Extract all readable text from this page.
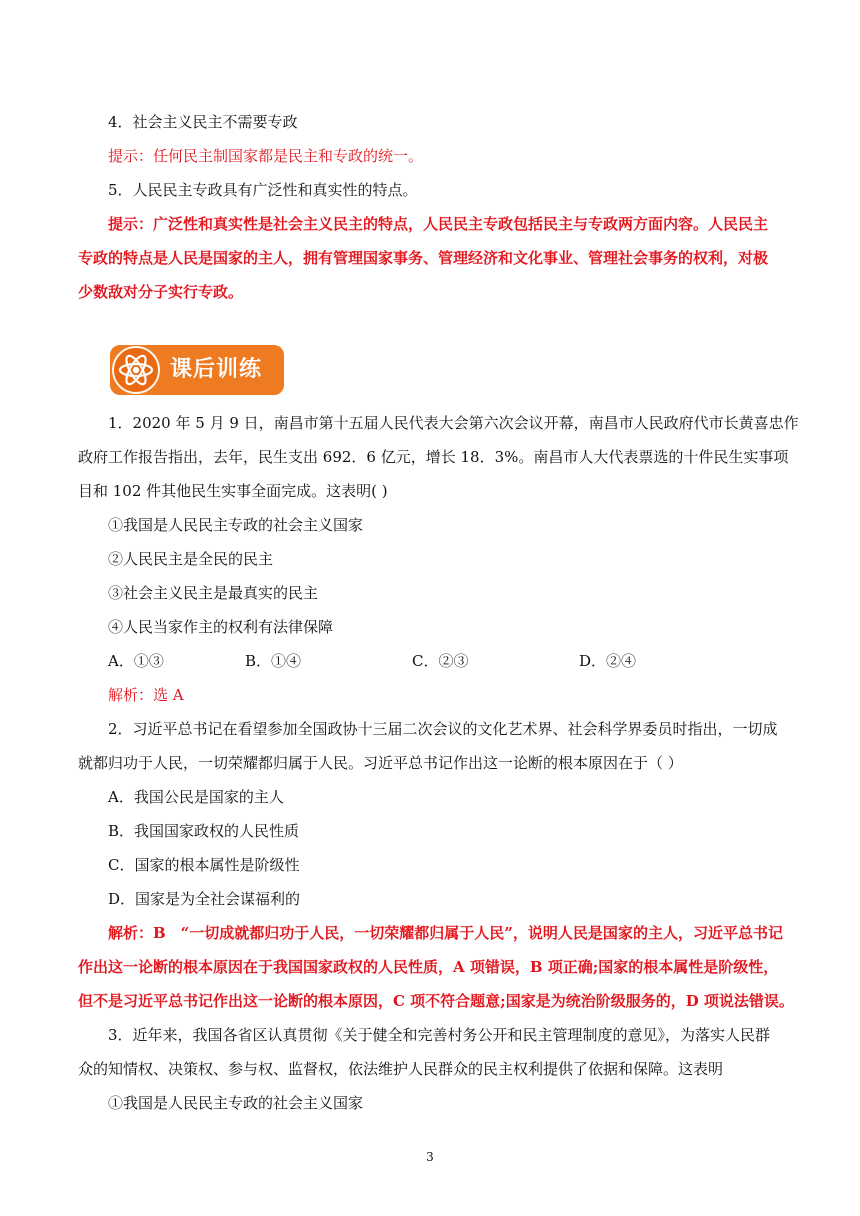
4．社会主义民主不需要专政
提示：任何民主制国家都是民主和专政的统一。
5．人民民主专政具有广泛性和真实性的特点。
提示：广泛性和真实性是社会主义民主的特点，人民民主专政包括民主与专政两方面内容。人民民主
专政的特点是人民是国家的主人，拥有管理国家事务、管理经济和文化事业、管理社会事务的权利，对极
少数敌对分子实行专政。
课后训练
1．2020 年 5 月 9 日，南昌市第十五届人民代表大会第六次会议开幕，南昌市人民政府代市长黄喜忠作
政府工作报告指出，去年，民生支出 692．6 亿元，增长 18．3%。南昌市人大代表票选的十件民生实事项
目和 102 件其他民生实事全面完成。这表明( )
①我国是人民民主专政的社会主义国家
②人民民主是全民的民主
③社会主义民主是最真实的民主
④人民当家作主的权利有法律保障
A．①③	B．①④	C．②③	D．②④
解析：选 A
2．习近平总书记在看望参加全国政协十三届二次会议的文化艺术界、社会科学界委员时指出，一切成
就都归功于人民，一切荣耀都归属于人民。习近平总书记作出这一论断的根本原因在于（ ）
A．我国公民是国家的主人
B．我国国家政权的人民性质
C．国家的根本属性是阶级性
D．国家是为全社会谋福利的
解析：B　“一切成就都归功于人民，一切荣耀都归属于人民”，说明人民是国家的主人，习近平总书记
作出这一论断的根本原因在于我国国家政权的人民性质，A 项错误，B 项正确;国家的根本属性是阶级性，
但不是习近平总书记作出这一论断的根本原因，C 项不符合题意;国家是为统治阶级服务的，D 项说法错误。
3．近年来，我国各省区认真贯彻《关于健全和完善村务公开和民主管理制度的意见》，为落实人民群
众的知情权、决策权、参与权、监督权，依法维护人民群众的民主权利提供了依据和保障。这表明
①我国是人民民主专政的社会主义国家
3
